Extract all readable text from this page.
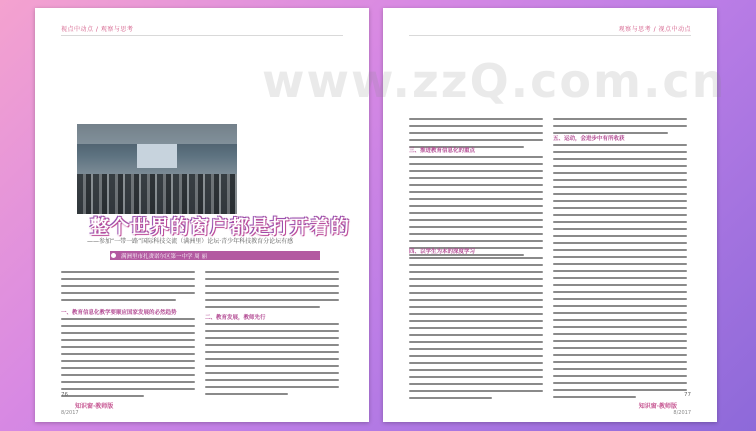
视点中动点 / 观察与思考
整个世界的窗户都是打开着的
——参加“一带一路”国际科技交流（满洲里）论坛·青少年科技教育分论坛有感
满洲里市扎赉诺尔区第一中学 周 丽
一、教育信息化教学要顺应国家发展的必然趋势
二、教育发展，教师先行
76
8/2017
知识窗·教师版
观察与思考 / 视点中动点
三、推进教育信息化的重点
四、以学生为本的深度学习
五、运动，会进步中有所收获
77
8/2017
知识窗·教师版
